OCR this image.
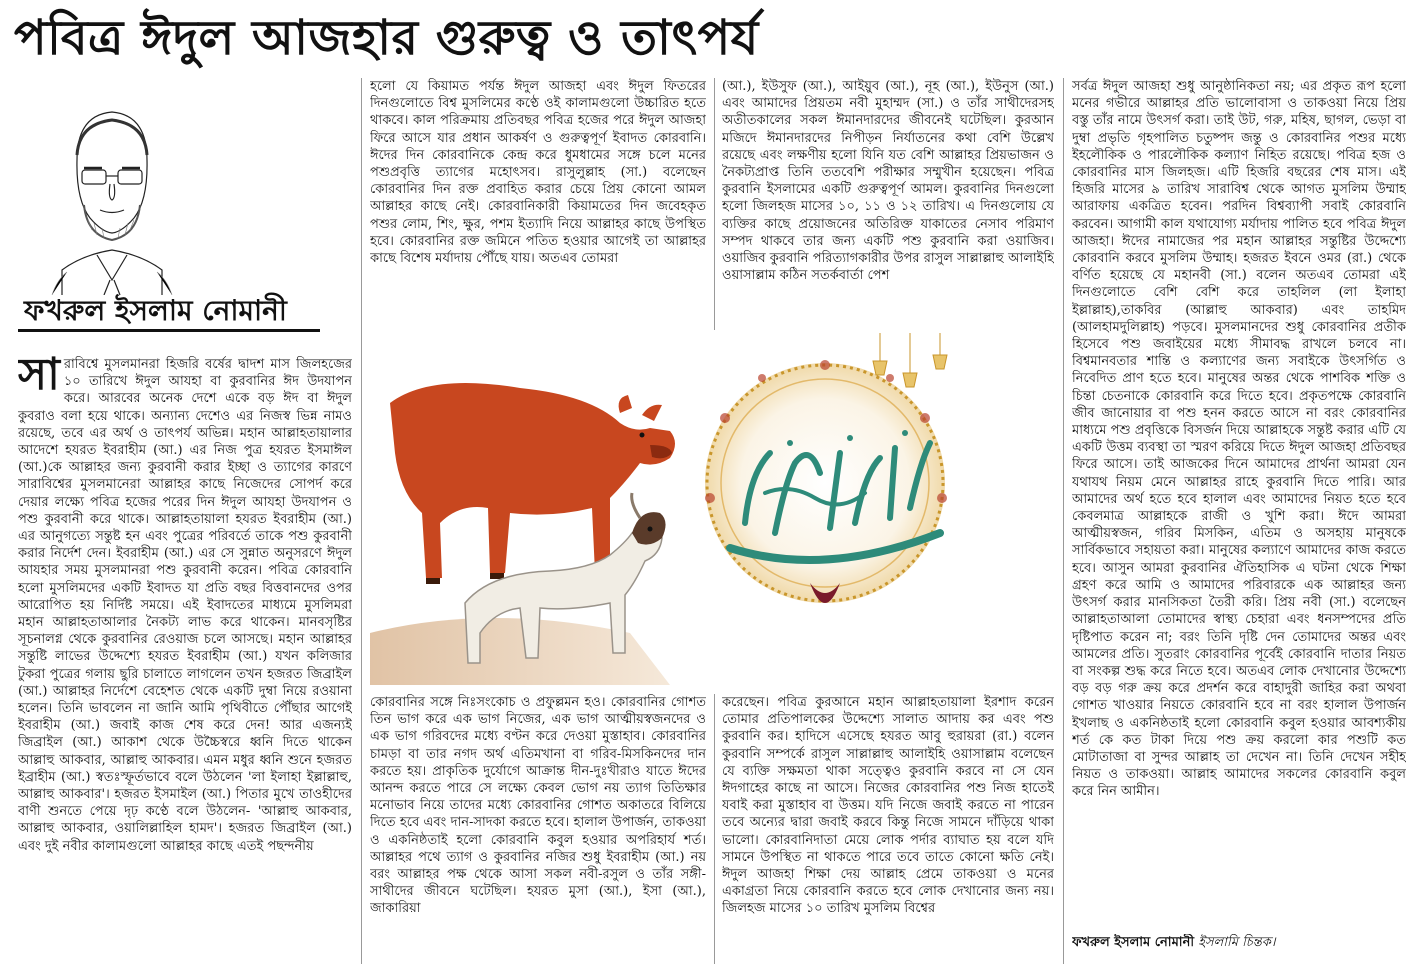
পবিত্র ঈদুল আজহার গুরুত্ব ও তাৎপর্য
ফখরুল ইসলাম নোমানী
সা রাবিশ্বে মুসলমানরা হিজরি বর্ষের দ্বাদশ মাস জিলহজের ১০ তারিখে ঈদুল আযহা বা কুরবানির ঈদ উদযাপন করে। আরবের অনেক দেশে একে বড় ঈদ বা ঈদুল কুবরাও বলা হয়ে থাকে। অন্যান্য দেশেও এর নিজস্ব ভিন্ন নামও রয়েছে, তবে এর অর্থ ও তাৎপর্য অভিন্ন। মহান আল্লাহতায়ালার আদেশে হযরত ইবরাহীম (আ.) এর নিজ পুত্র হযরত ইসমাঈল (আ.)কে আল্লাহর জন্য কুরবানী করার ইচ্ছা ও ত্যাগের কারণে সারাবিশ্বের মুসলমানেরা আল্লাহর কাছে নিজেদের সোপর্দ করে দেয়ার লক্ষ্যে পবিত্র হজের পরের দিন ঈদুল আযহা উদযাপন ও পশু কুরবানী করে থাকে। আল্লাহতায়ালা হযরত ইবরাহীম (আ.) এর আনুগত্যে সন্তুষ্ট হন এবং পুত্রের পরিবর্তে তাকে পশু কুরবানী করার নির্দেশ দেন। ইবরাহীম (আ.) এর সে সুন্নাত অনুসরণে ঈদুল আযহার সময় মুসলমানরা পশু কুরবানী করেন। পবিত্র কোরবানি হলো মুসলিমদের একটি ইবাদত যা প্রতি বছর বিত্তবানদের ওপর আরোপিত হয় নির্দিষ্ট সময়ে। এই ইবাদতের মাধ্যমে মুসলিমরা মহান আল্লাহতাআলার নৈকট্য লাভ করে থাকেন। মানবসৃষ্টির সূচনালগ্ন থেকে কুরবানির রেওয়াজ চলে আসছে। মহান আল্লাহর সন্তুষ্টি লাভের উদ্দেশ্যে হযরত ইবরাহীম (আ.) যখন কলিজার টুকরা পুত্রের গলায় ছুরি চালাতে লাগলেন তখন হজরত জিব্রাইল (আ.) আল্লাহর নির্দেশে বেহেশত থেকে একটি দুম্বা নিয়ে রওয়ানা হলেন। তিনি ভাবলেন না জানি আমি পৃথিবীতে পৌঁছার আগেই ইবরাহীম (আ.) জবাই কাজ শেষ করে দেন! আর এজন্যই জিব্রাইল (আ.) আকাশ থেকে উচ্চৈস্বরে ধ্বনি দিতে থাকেন আল্লাহু আকবার, আল্লাহু আকবার। এমন মধুর ধ্বনি শুনে হজরত ইব্রাহীম (আ.) স্বতঃস্ফূর্তভাবে বলে উঠলেন 'লা ইলাহা ইল্লাল্লাহু, আল্লাহু আকবার'। হজরত ইসমাইল (আ.) পিতার মুখে তাওহীদের বাণী শুনতে পেয়ে দৃঢ় কণ্ঠে বলে উঠলেন- 'আল্লাহু আকবার, আল্লাহু আকবার, ওয়ালিল্লাহিল হামদ'। হজরত জিব্রাইল (আ.) এবং দুই নবীর কালামগুলো আল্লাহর কাছে এতই পছন্দনীয়

হলো যে কিয়ামত পর্যন্ত ঈদুল আজহা এবং ঈদুল ফিতরের দিনগুলোতে বিশ্ব মুসলিমের কণ্ঠে ওই কালামগুলো উচ্চারিত হতে থাকবে। কাল পরিক্রমায় প্রতিবছর পবিত্র হজের পরে ঈদুল আজহা ফিরে আসে যার প্রধান আকর্ষণ ও গুরুত্বপূর্ণ ইবাদত কোরবানি। ঈদের দিন কোরবানিকে কেন্দ্র করে ধুমধামের সঙ্গে চলে মনের পশুপ্রবৃত্তি ত্যাগের মহোৎসব। রাসুলুল্লাহ (সা.) বলেছেন কোরবানির দিন রক্ত প্রবাহিত করার চেয়ে প্রিয় কোনো আমল আল্লাহর কাছে নেই। কোরবানিকারী কিয়ামতের দিন জবেহকৃত পশুর লোম, শিং, ক্ষুর, পশম ইত্যাদি নিয়ে আল্লাহর কাছে উপস্থিত হবে। কোরবানির রক্ত জমিনে পতিত হওয়ার আগেই তা আল্লাহর কাছে বিশেষ মর্যাদায় পৌঁছে যায়। অতএব তোমরা

(আ.), ইউসুফ (আ.), আইয়ুব (আ.), নূহ (আ.), ইউনুস (আ.) এবং আমাদের প্রিয়তম নবী মুহাম্মদ (সা.) ও তাঁর সাথীদেরসহ অতীতকালের সকল ঈমানদারদের জীবনেই ঘটেছিল। কুরআন মজিদে ঈমানদারদের নিপীড়ন নির্যাতনের কথা বেশি উল্লেখ রয়েছে এবং লক্ষণীয় হলো যিনি যত বেশি আল্লাহর প্রিয়ভাজন ও নৈকট্যপ্রাপ্ত তিনি ততবেশি পরীক্ষার সম্মুখীন হয়েছেন। পবিত্র কুরবানি ইসলামের একটি গুরুত্বপূর্ণ আমল। কুরবানির দিনগুলো হলো জিলহজ মাসের ১০, ১১ ও ১২ তারিখ। এ দিনগুলোয় যে ব্যক্তির কাছে প্রয়োজনের অতিরিক্ত যাকাতের নেসাব পরিমাণ সম্পদ থাকবে তার জন্য একটি পশু কুরবানি করা ওয়াজিব। ওয়াজিব কুরবানি পরিত্যাগকারীর উপর রাসুল সাল্লাল্লাহু আলাইহি ওয়াসাল্লাম কঠিন সতর্কবার্তা পেশ

সর্বত্র ঈদুল আজহা শুধু আনুষ্ঠানিকতা নয়; এর প্রকৃত রূপ হলো মনের গভীরে আল্লাহর প্রতি ভালোবাসা ও তাকওয়া নিয়ে প্রিয় বস্তু তাঁর নামে উৎসর্গ করা। তাই উট, গরু, মহিষ, ছাগল, ভেড়া বা দুম্বা প্রভৃতি গৃহপালিত চতুষ্পদ জন্তু ও কোরবানির পশুর মধ্যে ইহলৌকিক ও পারলৌকিক কল্যাণ নিহিত রয়েছে। পবিত্র হজ ও কোরবানির মাস জিলহজ। এটি হিজরি বছরের শেষ মাস। এই হিজরি মাসের ৯ তারিখ সারাবিশ্ব থেকে আগত মুসলিম উম্মাহ আরাফায় একত্রিত হবেন। পরদিন বিশ্বব্যাপী সবাই কোরবানি করবেন। আগামী কাল যথাযোগ্য মর্যাদায় পালিত হবে পবিত্র ঈদুল আজহা। ঈদের নামাজের পর মহান আল্লাহর সন্তুষ্টির উদ্দেশ্যে কোরবানি করবে মুসলিম উম্মাহ। হজরত ইবনে ওমর (রা.) থেকে বর্ণিত হয়েছে যে মহানবী (সা.) বলেন অতএব তোমরা এই দিনগুলোতে বেশি বেশি করে তাহলিল (লা ইলাহা ইল্লাল্লাহ),তাকবির (আল্লাহু আকবার) এবং তাহমিদ (আলহামদুলিল্লাহ) পড়বে। মুসলমানদের শুধু কোরবানির প্রতীক হিসেবে পশু জবাইয়ের মধ্যে সীমাবদ্ধ রাখলে চলবে না। বিশ্বমানবতার শান্তি ও কল্যাণের জন্য সবাইকে উৎসর্গিত ও নিবেদিত প্রাণ হতে হবে। মানুষের অন্তর থেকে পাশবিক শক্তি ও চিন্তা চেতনাকে কোরবানি করে দিতে হবে। প্রকৃতপক্ষে কোরবানি জীব জানোয়ার বা পশু হনন করতে আসে না বরং কোরবানির মাধ্যমে পশু প্রবৃত্তিকে বিসর্জন দিয়ে আল্লাহকে সন্তুষ্ট করার এটি যে একটি উত্তম ব্যবস্থা তা স্মরণ করিয়ে দিতে ঈদুল আজহা প্রতিবছর ফিরে আসে। তাই আজকের দিনে আমাদের প্রার্থনা আমরা যেন যথাযথ নিয়ম মেনে আল্লাহর রাহে কুরবানি দিতে পারি। আর আমাদের অর্থ হতে হবে হালাল এবং আমাদের নিয়ত হতে হবে কেবলমাত্র আল্লাহকে রাজী ও খুশি করা। ঈদে আমরা আত্মীয়স্বজন, গরিব মিসকিন, এতিম ও অসহায় মানুষকে সার্বিকভাবে সহায়তা করা। মানুষের কল্যাণে আমাদের কাজ করতে হবে। আসুন আমরা কুরবানির ঐতিহাসিক এ ঘটনা থেকে শিক্ষা গ্রহণ করে আমি ও আমাদের পরিবারকে এক আল্লাহর জন্য উৎসর্গ করার মানসিকতা তৈরী করি। প্রিয় নবী (সা.) বলেছেন আল্লাহতাআলা তোমাদের স্বাস্থ্য চেহারা এবং ধনসম্পদের প্রতি দৃষ্টিপাত করেন না; বরং তিনি দৃষ্টি দেন তোমাদের অন্তর এবং আমলের প্রতি। সুতরাং কোরবানির পূর্বেই কোরবানি দাতার নিয়ত বা সংকল্প শুদ্ধ করে নিতে হবে। অতএব লোক দেখানোর উদ্দেশ্যে বড় বড় গরু ক্রয় করে প্রদর্শন করে বাহাদুরী জাহির করা অথবা গোশত খাওয়ার নিয়তে কোরবানি হবে না বরং হালাল উপার্জন ইখলাছ ও একনিষ্ঠতাই হলো কোরবানি কবুল হওয়ার আবশ্যকীয় শর্ত কে কত টাকা দিয়ে পশু ক্রয় করলো কার পশুটি কত মোটাতাজা বা সুন্দর আল্লাহ তা দেখেন না। তিনি দেখেন সহীহ নিয়ত ও তাকওয়া। আল্লাহ আমাদের সকলের কোরবানি কবুল করে নিন আমীন।

কোরবানির সঙ্গে নিঃসংকোচ ও প্রফুল্লমন হও। কোরবানির গোশত তিন ভাগ করে এক ভাগ নিজের, এক ভাগ আত্মীয়স্বজনদের ও এক ভাগ গরিবদের মধ্যে বণ্টন করে দেওয়া মুস্তাহাব। কোরবানির চামড়া বা তার নগদ অর্থ এতিমখানা বা গরিব-মিসকিনদের দান করতে হয়। প্রাকৃতিক দুর্যোগে আক্রান্ত দীন-দুঃখীরাও যাতে ঈদের আনন্দ করতে পারে সে লক্ষ্যে কেবল ভোগ নয় ত্যাগ তিতিক্ষার মনোভাব নিয়ে তাদের মধ্যে কোরবানির গোশত অকাতরে বিলিয়ে দিতে হবে এবং দান-সাদকা করতে হবে। হালাল উপার্জন, তাকওয়া ও একনিষ্ঠতাই হলো কোরবানি কবুল হওয়ার অপরিহার্য শর্ত। আল্লাহর পথে ত্যাগ ও কুরবানির নজির শুধু ইবরাহীম (আ.) নয় বরং আল্লাহর পক্ষ থেকে আসা সকল নবী-রসুল ও তাঁর সঙ্গী-সাথীদের জীবনে ঘটেছিল। হযরত মুসা (আ.), ইসা (আ.), জাকারিয়া

করেছেন। পবিত্র কুরআনে মহান আল্লাহতায়ালা ইরশাদ করেন তোমার প্রতিপালকের উদ্দেশ্যে সালাত আদায় কর এবং পশু কুরবানি কর। হাদিসে এসেছে হযরত আবু হুরায়রা (রা.) বলেন কুরবানি সম্পর্কে রাসুল সাল্লাল্লাহু আলাইহি ওয়াসাল্লাম বলেছেন যে ব্যক্তি সক্ষমতা থাকা সত্ত্বেও কুরবানি করবে না সে যেন ঈদগাহের কাছে না আসে। নিজের কোরবানির পশু নিজ হাতেই যবাই করা মুস্তাহাব বা উত্তম। যদি নিজে জবাই করতে না পারেন তবে অন্যের দ্বারা জবাই করবে কিন্তু নিজে সামনে দাঁড়িয়ে থাকা ভালো। কোরবানিদাতা মেয়ে লোক পর্দার ব্যাঘাত হয় বলে যদি সামনে উপস্থিত না থাকতে পারে তবে তাতে কোনো ক্ষতি নেই। ঈদুল আজহা শিক্ষা দেয় আল্লাহ প্রেমে তাকওয়া ও মনের একাগ্রতা নিয়ে কোরবানি করতে হবে লোক দেখানোর জন্য নয়। জিলহজ মাসের ১০ তারিখ মুসলিম বিশ্বের

ফখরুল ইসলাম নোমানী ইসলামি চিন্তক।
